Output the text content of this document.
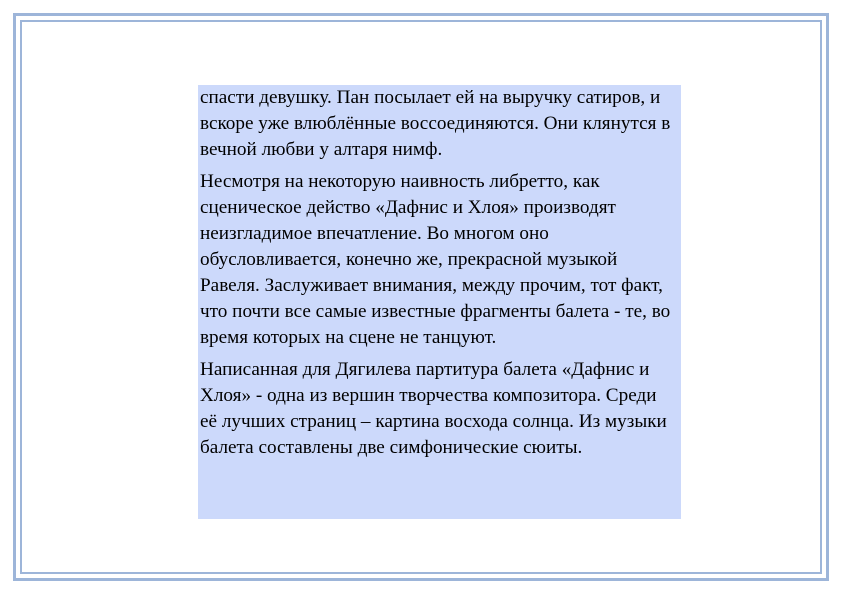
спасти девушку. Пан посылает ей на выручку сатиров, и вскоре уже влюблённые воссоединяются. Они клянутся в вечной любви у алтаря нимф.

Несмотря на некоторую наивность либретто, как сценическое действо «Дафнис и Хлоя» производят неизгладимое впечатление. Во многом оно обусловливается, конечно же, прекрасной музыкой Равеля. Заслуживает внимания, между прочим, тот факт, что почти все самые известные фрагменты балета - те, во время которых на сцене не танцуют.

Написанная для Дягилева партитура балета «Дафнис и Хлоя» - одна из вершин творчества композитора. Среди её лучших страниц – картина восхода солнца. Из музыки балета составлены две симфонические сюиты.
